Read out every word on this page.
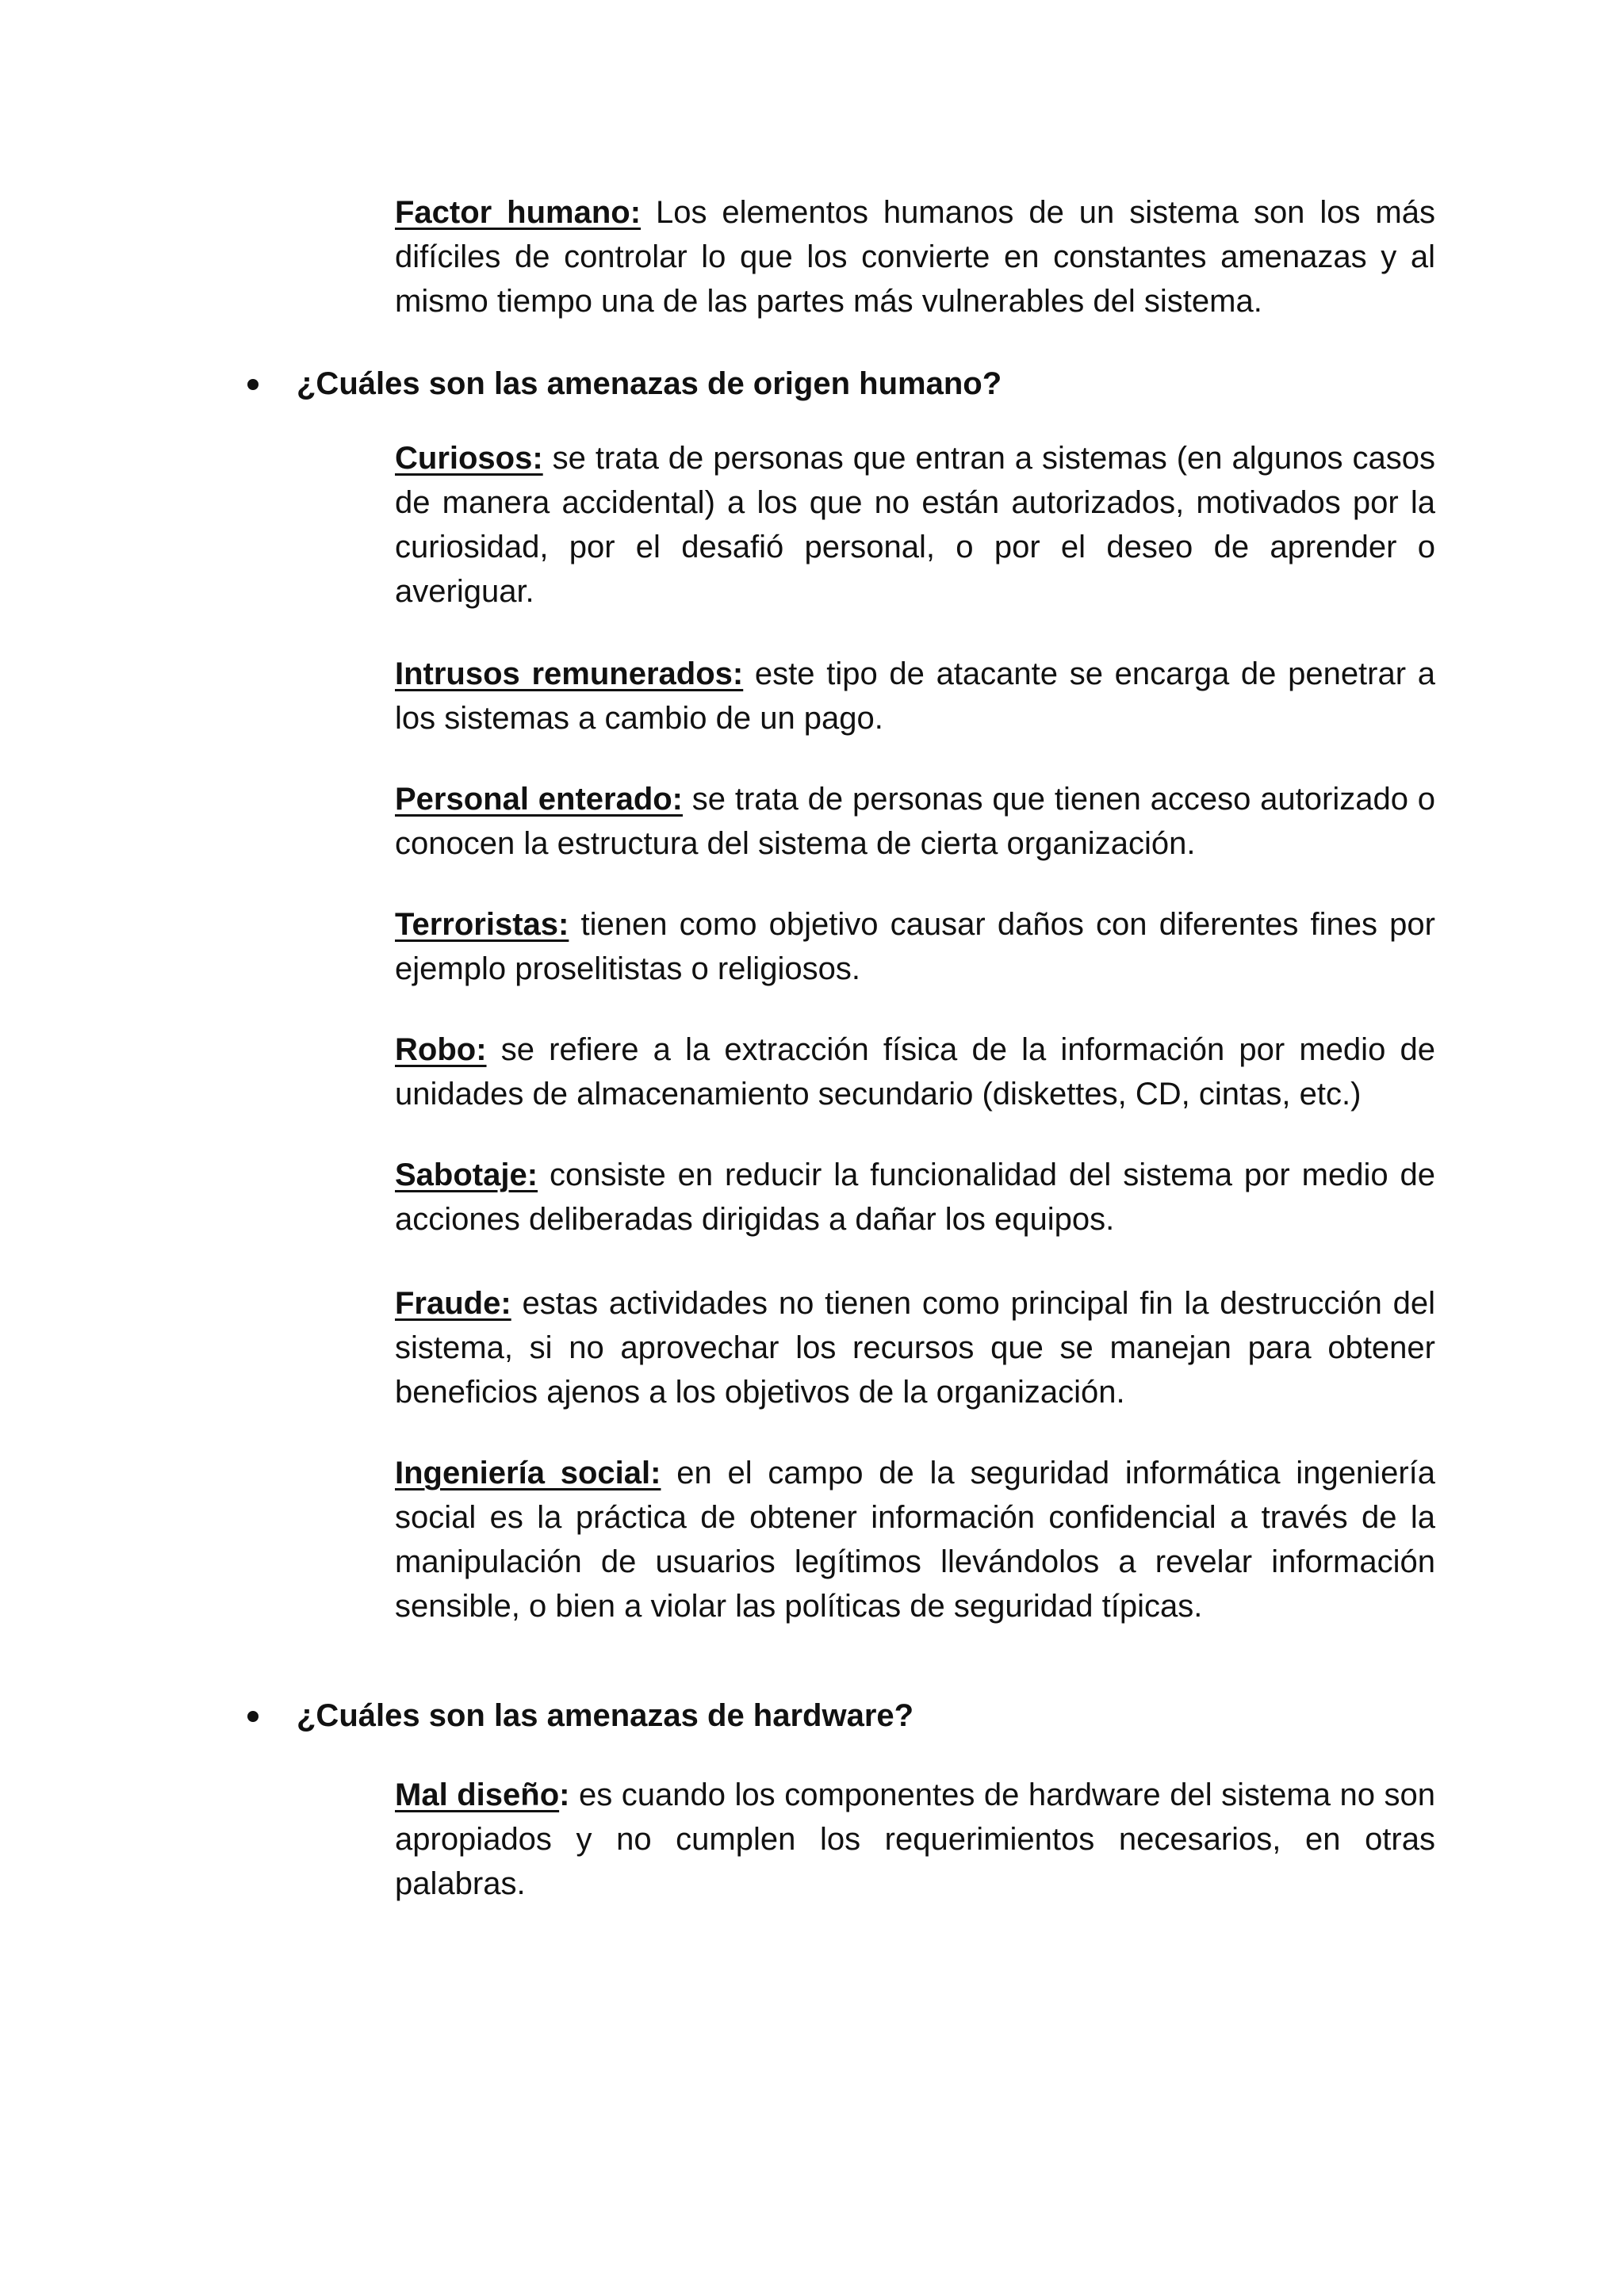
Factor humano: Los elementos humanos de un sistema son los más difíciles de controlar lo que los convierte en constantes amenazas y al mismo tiempo una de las partes más vulnerables del sistema.

¿Cuáles son las amenazas de origen humano?

Curiosos: se trata de personas que entran a sistemas (en algunos casos de manera accidental) a los que no están autorizados, motivados por la curiosidad, por el desafió personal, o por el deseo de aprender o averiguar.

Intrusos remunerados: este tipo de atacante se encarga de penetrar a los sistemas a cambio de un pago.

Personal enterado: se trata de personas que tienen acceso autorizado o conocen la estructura del sistema de cierta organización.

Terroristas: tienen como objetivo causar daños con diferentes fines por ejemplo proselitistas o religiosos.

Robo: se refiere a la extracción física de la información por medio de unidades de almacenamiento secundario (diskettes, CD, cintas, etc.)

Sabotaje: consiste en reducir la funcionalidad del sistema por medio de acciones deliberadas dirigidas a dañar los equipos.

Fraude: estas actividades no tienen como principal fin la destrucción del sistema, si no aprovechar los recursos que se manejan para obtener beneficios ajenos a los objetivos de la organización.

Ingeniería social: en el campo de la seguridad informática ingeniería social es la práctica de obtener información confidencial a través de la manipulación de usuarios legítimos llevándolos a revelar información sensible, o bien a violar las políticas de seguridad típicas.

¿Cuáles son las amenazas de hardware?

Mal diseño: es cuando los componentes de hardware del sistema no son apropiados y no cumplen los requerimientos necesarios, en otras palabras.
